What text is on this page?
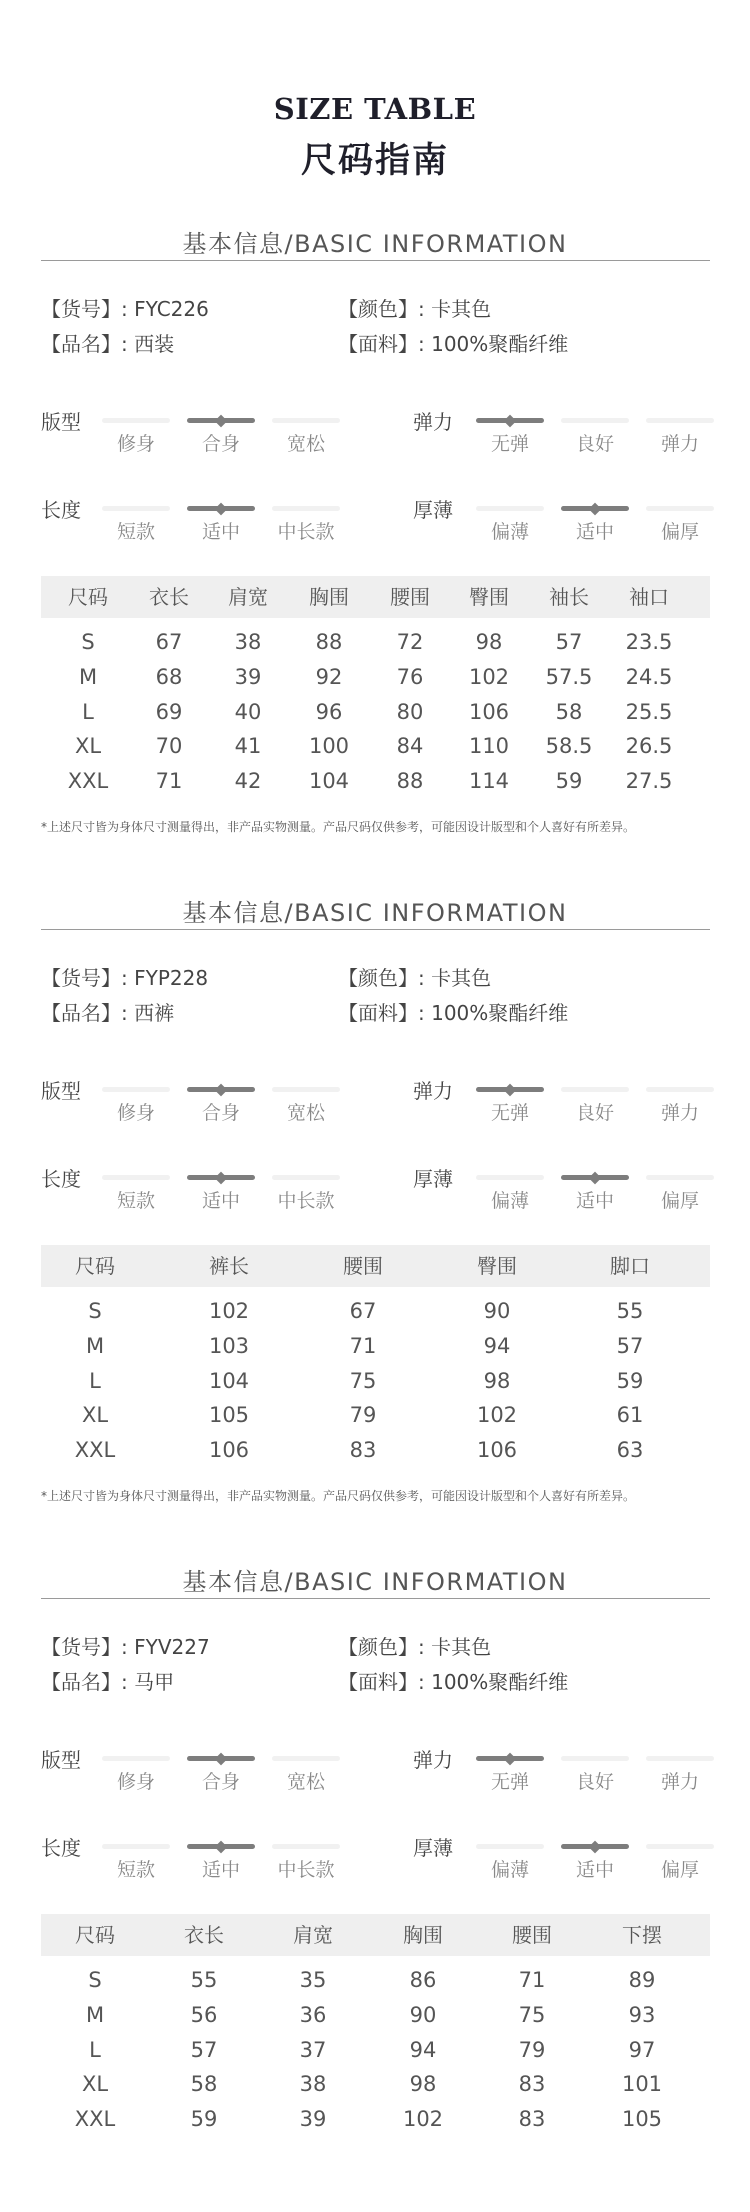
SIZE TABLE
尺码指南
基本信息/BASIC INFORMATION
【货号】: FYC226	【颜色】: 卡其色
【品名】: 西装	【面料】: 100%聚酯纤维
版型
修身	合身	宽松
弹力
无弹	良好	弹力
长度
短款	适中	中长款
厚薄
偏薄	适中	偏厚
尺码 衣长 肩宽 胸围 腰围 臀围 袖长 袖口
S	67 38	88	72 98	57 23.5
M	68 39	92	76 102 57.5 24.5
L	69 40	96	80 106 58 25.5
XL	70 41 100 84 110 58.5 26.5
XXL 71 42 104 88 114 59 27.5
*上述尺寸皆为身体尺寸测量得出，非产品实物测量。产品尺码仅供参考，可能因设计版型和个人喜好有所差异。
基本信息/BASIC INFORMATION
【货号】: FYP228	【颜色】: 卡其色
【品名】: 西裤	【面料】: 100%聚酯纤维
版型
修身	合身	宽松
弹力
无弹	良好	弹力
长度
短款	适中	中长款
厚薄
偏薄	适中	偏厚
尺码	裤长	腰围	臀围	脚口
S	102	67	90	55
M	103	71	94	57
L	104	75	98	59
XL	105	79	102	61
XXL	106	83	106	63
*上述尺寸皆为身体尺寸测量得出，非产品实物测量。产品尺码仅供参考，可能因设计版型和个人喜好有所差异。
基本信息/BASIC INFORMATION
【货号】: FYV227	【颜色】: 卡其色
【品名】: 马甲	【面料】: 100%聚酯纤维
版型
修身	合身	宽松
弹力
无弹	良好	弹力
长度
短款	适中	中长款
厚薄
偏薄	适中	偏厚
尺码	衣长	肩宽	胸围	腰围	下摆
S	55	35	86	71	89
M	56	36	90	75	93
L	57	37	94	79	97
XL	58	38	98	83	101
XXL	59	39	102	83	105
